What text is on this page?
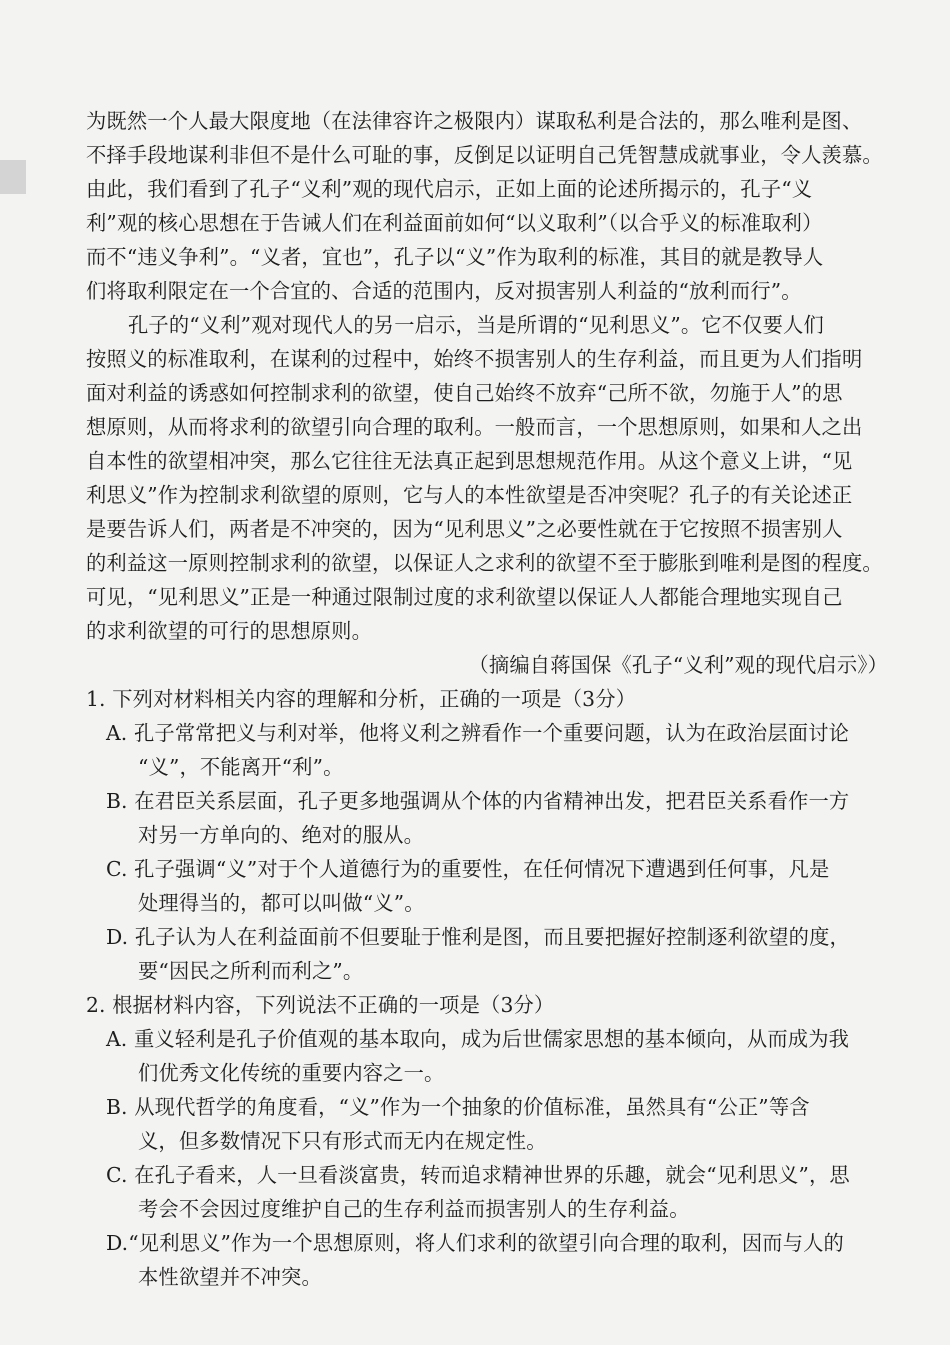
为既然一个人最大限度地（在法律容许之极限内）谋取私利是合法的，那么唯利是图、
不择手段地谋利非但不是什么可耻的事，反倒足以证明自己凭智慧成就事业，令人羡慕。
由此，我们看到了孔子“义利”观的现代启示，正如上面的论述所揭示的，孔子“义
利”观的核心思想在于告诫人们在利益面前如何“以义取利”（以合乎义的标准取利）
而不“违义争利”。“义者，宜也”，孔子以“义”作为取利的标准，其目的就是教导人
们将取利限定在一个合宜的、合适的范围内，反对损害别人利益的“放利而行”。
孔子的“义利”观对现代人的另一启示，当是所谓的“见利思义”。它不仅要人们
按照义的标准取利，在谋利的过程中，始终不损害别人的生存利益，而且更为人们指明
面对利益的诱惑如何控制求利的欲望，使自己始终不放弃“己所不欲，勿施于人”的思
想原则，从而将求利的欲望引向合理的取利。一般而言，一个思想原则，如果和人之出
自本性的欲望相冲突，那么它往往无法真正起到思想规范作用。从这个意义上讲，“见
利思义”作为控制求利欲望的原则，它与人的本性欲望是否冲突呢？孔子的有关论述正
是要告诉人们，两者是不冲突的，因为“见利思义”之必要性就在于它按照不损害别人
的利益这一原则控制求利的欲望，以保证人之求利的欲望不至于膨胀到唯利是图的程度。
可见，“见利思义”正是一种通过限制过度的求利欲望以保证人人都能合理地实现自己
的求利欲望的可行的思想原则。
（摘编自蒋国保《孔子“义利”观的现代启示》）
1. 下列对材料相关内容的理解和分析，正确的一项是（3分）
A. 孔子常常把义与利对举，他将义利之辨看作一个重要问题，认为在政治层面讨论
“义”，不能离开“利”。
B. 在君臣关系层面，孔子更多地强调从个体的内省精神出发，把君臣关系看作一方
对另一方单向的、绝对的服从。
C. 孔子强调“义”对于个人道德行为的重要性，在任何情况下遭遇到任何事，凡是
处理得当的，都可以叫做“义”。
D. 孔子认为人在利益面前不但要耻于惟利是图，而且要把握好控制逐利欲望的度，
要“因民之所利而利之”。
2. 根据材料内容，下列说法不正确的一项是（3分）
A. 重义轻利是孔子价值观的基本取向，成为后世儒家思想的基本倾向，从而成为我
们优秀文化传统的重要内容之一。
B. 从现代哲学的角度看，“义”作为一个抽象的价值标准，虽然具有“公正”等含
义，但多数情况下只有形式而无内在规定性。
C. 在孔子看来，人一旦看淡富贵，转而追求精神世界的乐趣，就会“见利思义”，思
考会不会因过度维护自己的生存利益而损害别人的生存利益。
D.“见利思义”作为一个思想原则，将人们求利的欲望引向合理的取利，因而与人的
本性欲望并不冲突。
